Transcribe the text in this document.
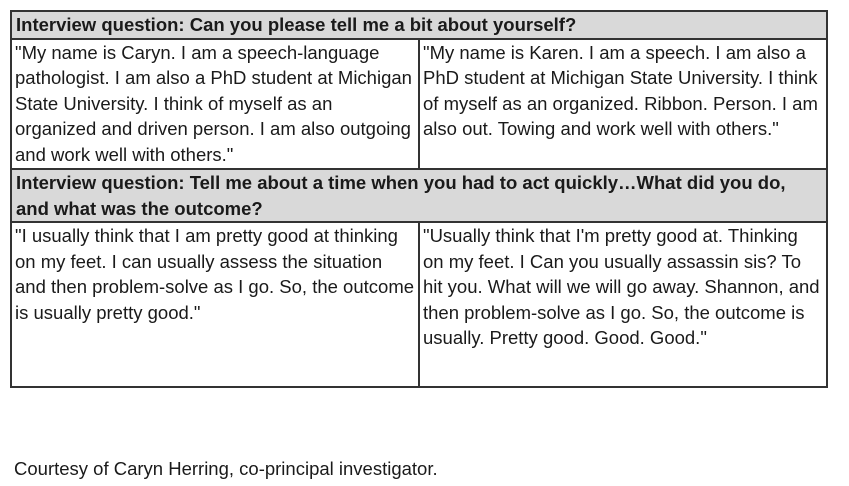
Interview question: Can you please tell me a bit about yourself?	
"My name is Caryn. I am a speech-language pathologist. I am also a PhD student at Michigan State University. I think of myself as an organized and driven person. I am also outgoing and work well with others."	"My name is Karen. I am a speech. I am also a PhD student at Michigan State University. I think of myself as an organized. Ribbon. Person. I am also out. Towing and work well with others."
Interview question: Tell me about a time when you had to act quickly…What did you do, and what was the outcome?	
"I usually think that I am pretty good at thinking on my feet. I can usually assess the situation and then problem-solve as I go. So, the outcome is usually pretty good."	"Usually think that I'm pretty good at. Thinking on my feet. I Can you usually assassin sis? To hit you. What will we will go away. Shannon, and then problem-solve as I go. So, the outcome is usually. Pretty good. Good. Good."
Courtesy of Caryn Herring, co-principal investigator.
